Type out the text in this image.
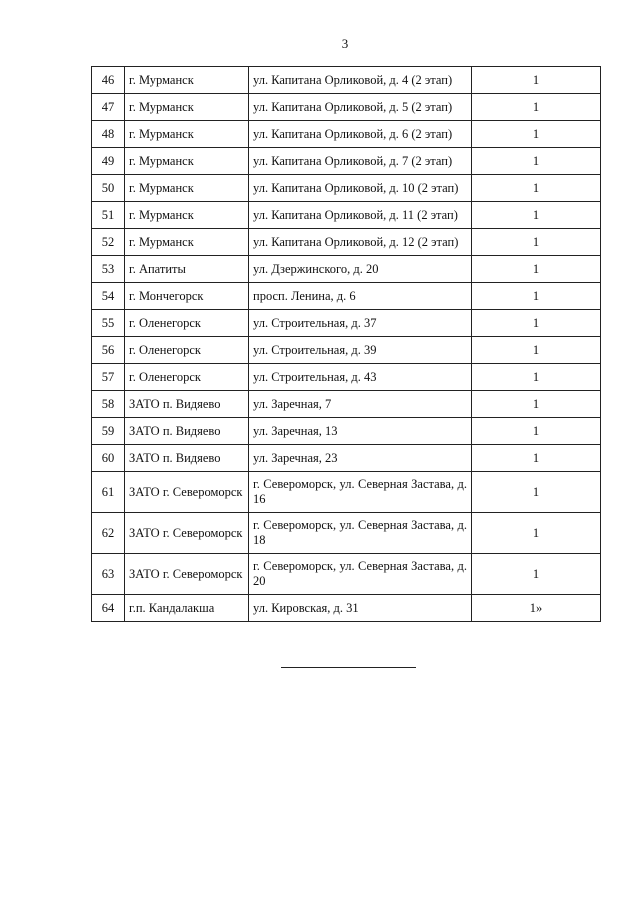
3
46	г. Мурманск	ул. Капитана Орликовой, д. 4 (2 этап)	1
47	г. Мурманск	ул. Капитана Орликовой, д. 5 (2 этап)	1
48	г. Мурманск	ул. Капитана Орликовой, д. 6 (2 этап)	1
49	г. Мурманск	ул. Капитана Орликовой, д. 7 (2 этап)	1
50	г. Мурманск	ул. Капитана Орликовой, д. 10 (2 этап)	1
51	г. Мурманск	ул. Капитана Орликовой, д. 11 (2 этап)	1
52	г. Мурманск	ул. Капитана Орликовой, д. 12 (2 этап)	1
53	г. Апатиты	ул. Дзержинского, д. 20	1
54	г. Мончегорск	просп. Ленина, д. 6	1
55	г. Оленегорск	ул. Строительная, д. 37	1
56	г. Оленегорск	ул. Строительная, д. 39	1
57	г. Оленегорск	ул. Строительная, д. 43	1
58	ЗАТО п. Видяево	ул. Заречная, 7	1
59	ЗАТО п. Видяево	ул. Заречная, 13	1
60	ЗАТО п. Видяево	ул. Заречная, 23	1
61	ЗАТО г. Североморск	г. Североморск, ул. Северная Застава, д. 16	1
62	ЗАТО г. Североморск	г. Североморск, ул. Северная Застава, д. 18	1
63	ЗАТО г. Североморск	г. Североморск, ул. Северная Застава, д. 20	1
64	г.п. Кандалакша	ул. Кировская, д. 31	1»
